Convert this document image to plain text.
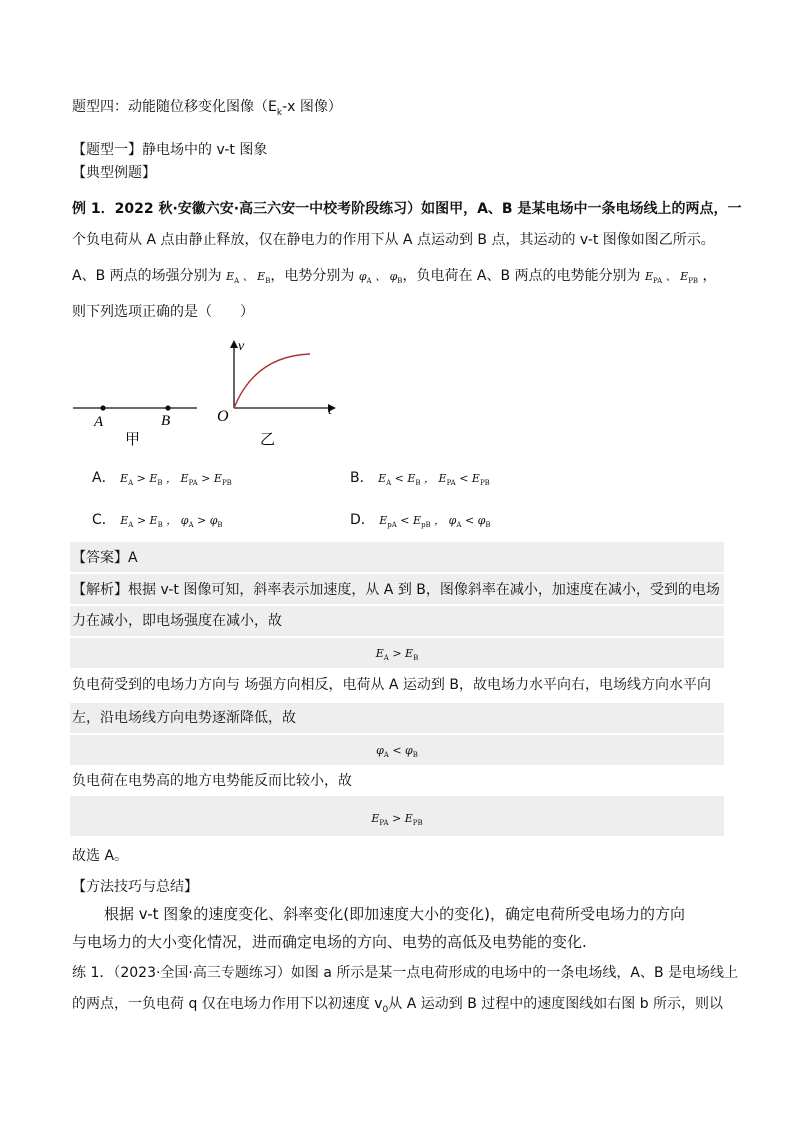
题型四：动能随位移变化图像（$E_k-x$ 图像）
【题型一】静电场中的 v-t 图象
【典型例题】
例 1．2022 秋·安徽六安·高三六安一中校考阶段练习）如图甲，A、B 是某电场中一条电场线上的两点，一
个负电荷从 A 点由静止释放，仅在静电力的作用下从 A 点运动到 B 点，其运动的 v-t 图像如图乙所示。
A、B 两点的场强分别为 $E_A$ 、 $E_B$，电势分别为 $\varphi_A$ 、 $\varphi_B$，负电荷在 A、B 两点的电势能分别为 $E_{PA}$ 、 $E_{PB}$ ，
则下列选项正确的是（　　）
A	B
甲
O
v
t
乙
A． $E_A > E_B$ ， $E_{PA} > E_{PB}$	B． $E_A < E_B$ ， $E_{PA} < E_{PB}$
C． $E_A > E_B$ ， $\varphi_A > \varphi_B$	D． $E_{pA} < E_{pB}$ ， $\varphi_A < \varphi_B$
【答案】A
【解析】根据 v-t 图像可知，斜率表示加速度，从 A 到 B，图像斜率在减小，加速度在减小，受到的电场
力在减小，即电场强度在减小，故
$E_A > E_B$
负电荷受到的电场力方向与 场强方向相反，电荷从 A 运动到 B，故电场力水平向右，电场线方向水平向
左，沿电场线方向电势逐渐降低，故
$\varphi_A < \varphi_B$
负电荷在电势高的地方电势能反而比较小，故
$E_{PA} > E_{PB}$
故选 A。
【方法技巧与总结】
根据 v-t 图象的速度变化、斜率变化(即加速度大小的变化)，确定电荷所受电场力的方向
与电场力的大小变化情况，进而确定电场的方向、电势的高低及电势能的变化.
练 1．（2023·全国·高三专题练习）如图 a 所示是某一点电荷形成的电场中的一条电场线，A、B 是电场线上
的两点，一负电荷 q 仅在电场力作用下以初速度 $v_0$从 A 运动到 B 过程中的速度图线如右图 b 所示，则以
